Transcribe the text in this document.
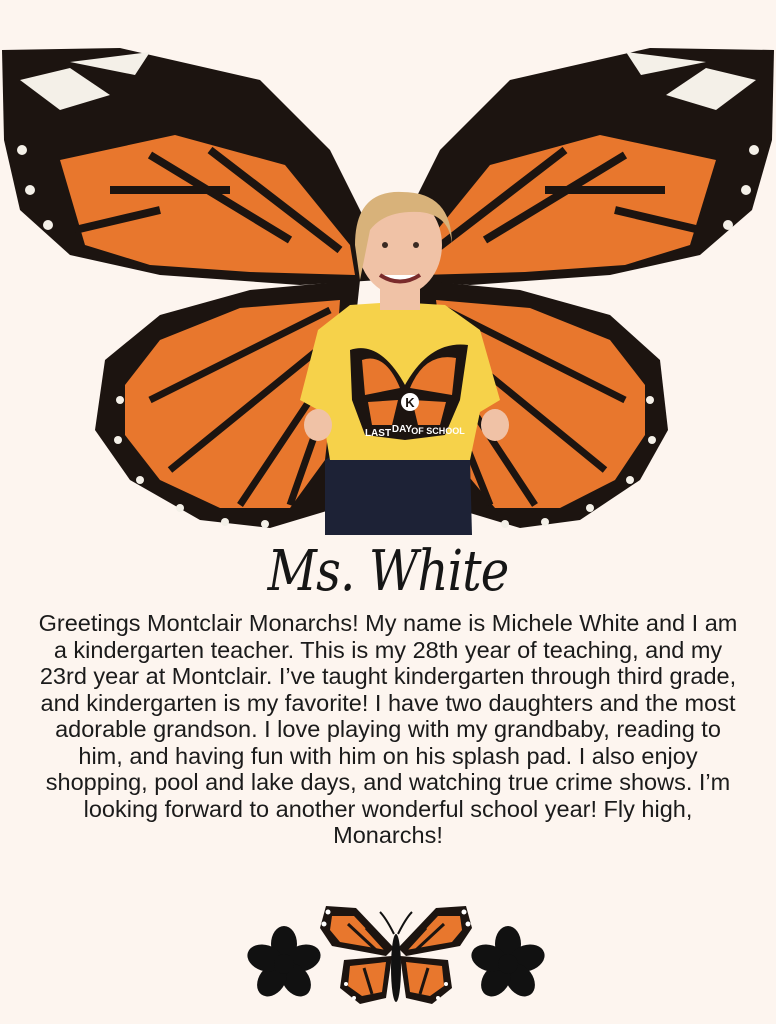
K
LAST DAY OF SCHOOL
Ms. White
Greetings Montclair Monarchs! My name is Michele White and I am a kindergarten teacher. This is my 28th year of teaching, and my 23rd year at Montclair. I’ve taught kindergarten through third grade, and kindergarten is my favorite! I have two daughters and the most adorable grandson. I love playing with my grandbaby, reading to him, and having fun with him on his splash pad. I also enjoy shopping, pool and lake days, and watching true crime shows. I’m looking forward to another wonderful school year! Fly high, Monarchs!
